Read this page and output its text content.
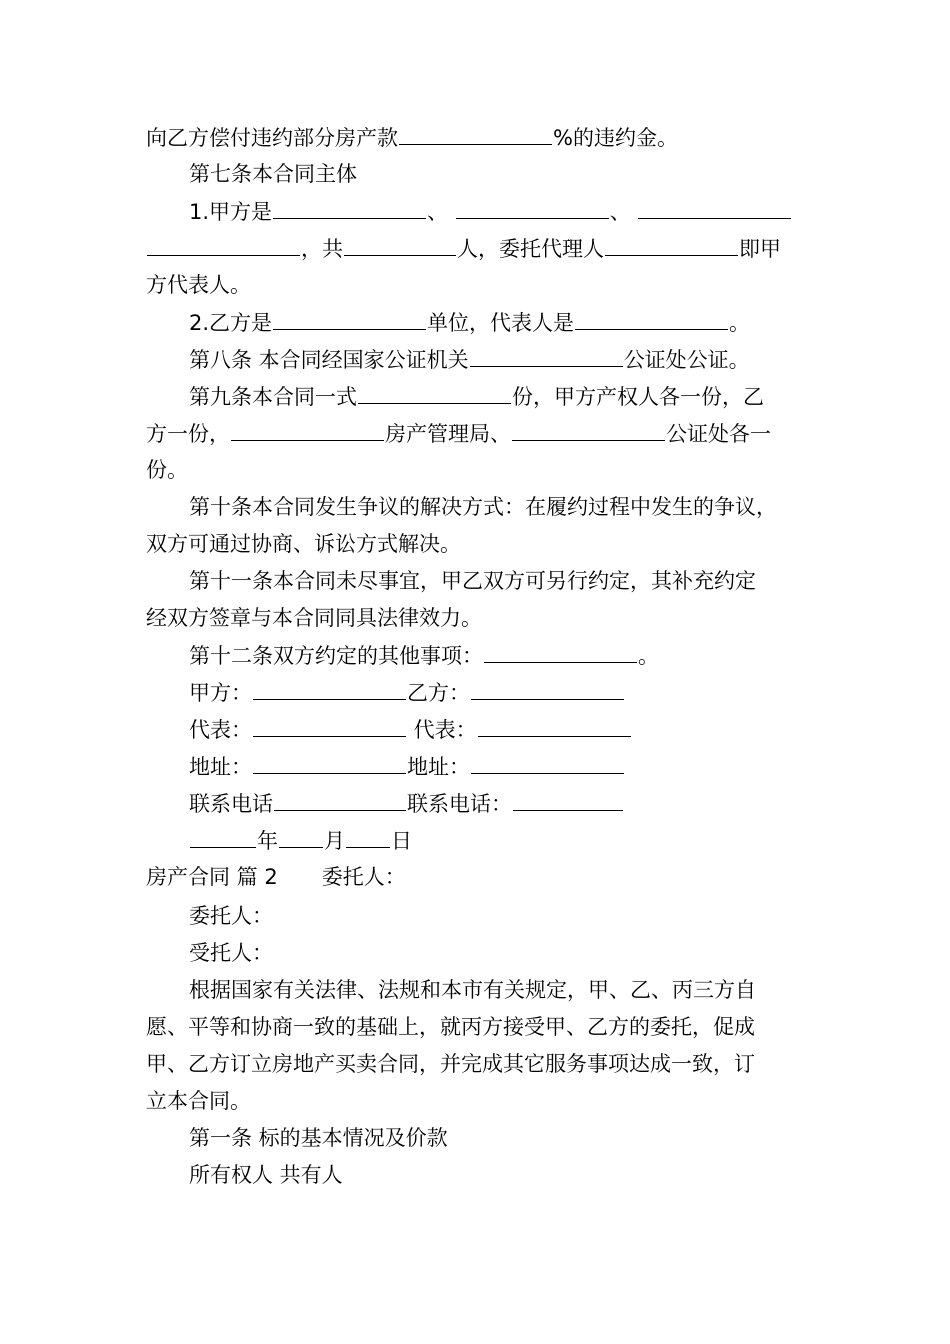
向乙方偿付违约部分房产款	%的违约金。
第七条本合同主体
1.甲方是	、	、
，共	人，委托代理人	即甲
方代表人。
2.乙方是	单位，代表人是	。
第八条 本合同经国家公证机关	公证处公证。
第九条本合同一式	份，甲方产权人各一份，乙
方一份，	房产管理局、	公证处各一
份。
第十条本合同发生争议的解决方式：在履约过程中发生的争议，
双方可通过协商、诉讼方式解决。
第十一条本合同未尽事宜，甲乙双方可另行约定，其补充约定
经双方签章与本合同同具法律效力。
第十二条双方约定的其他事项：	。
甲方：	乙方：
代表：	代表：
地址：	地址：
联系电话	联系电话：
年 月 日
房产合同 篇 2 委托人：
委托人：
受托人：
根据国家有关法律、法规和本市有关规定，甲、乙、丙三方自
愿、平等和协商一致的基础上，就丙方接受甲、乙方的委托，促成
甲、乙方订立房地产买卖合同，并完成其它服务事项达成一致，订
立本合同。
第一条 标的基本情况及价款
所有权人 共有人
